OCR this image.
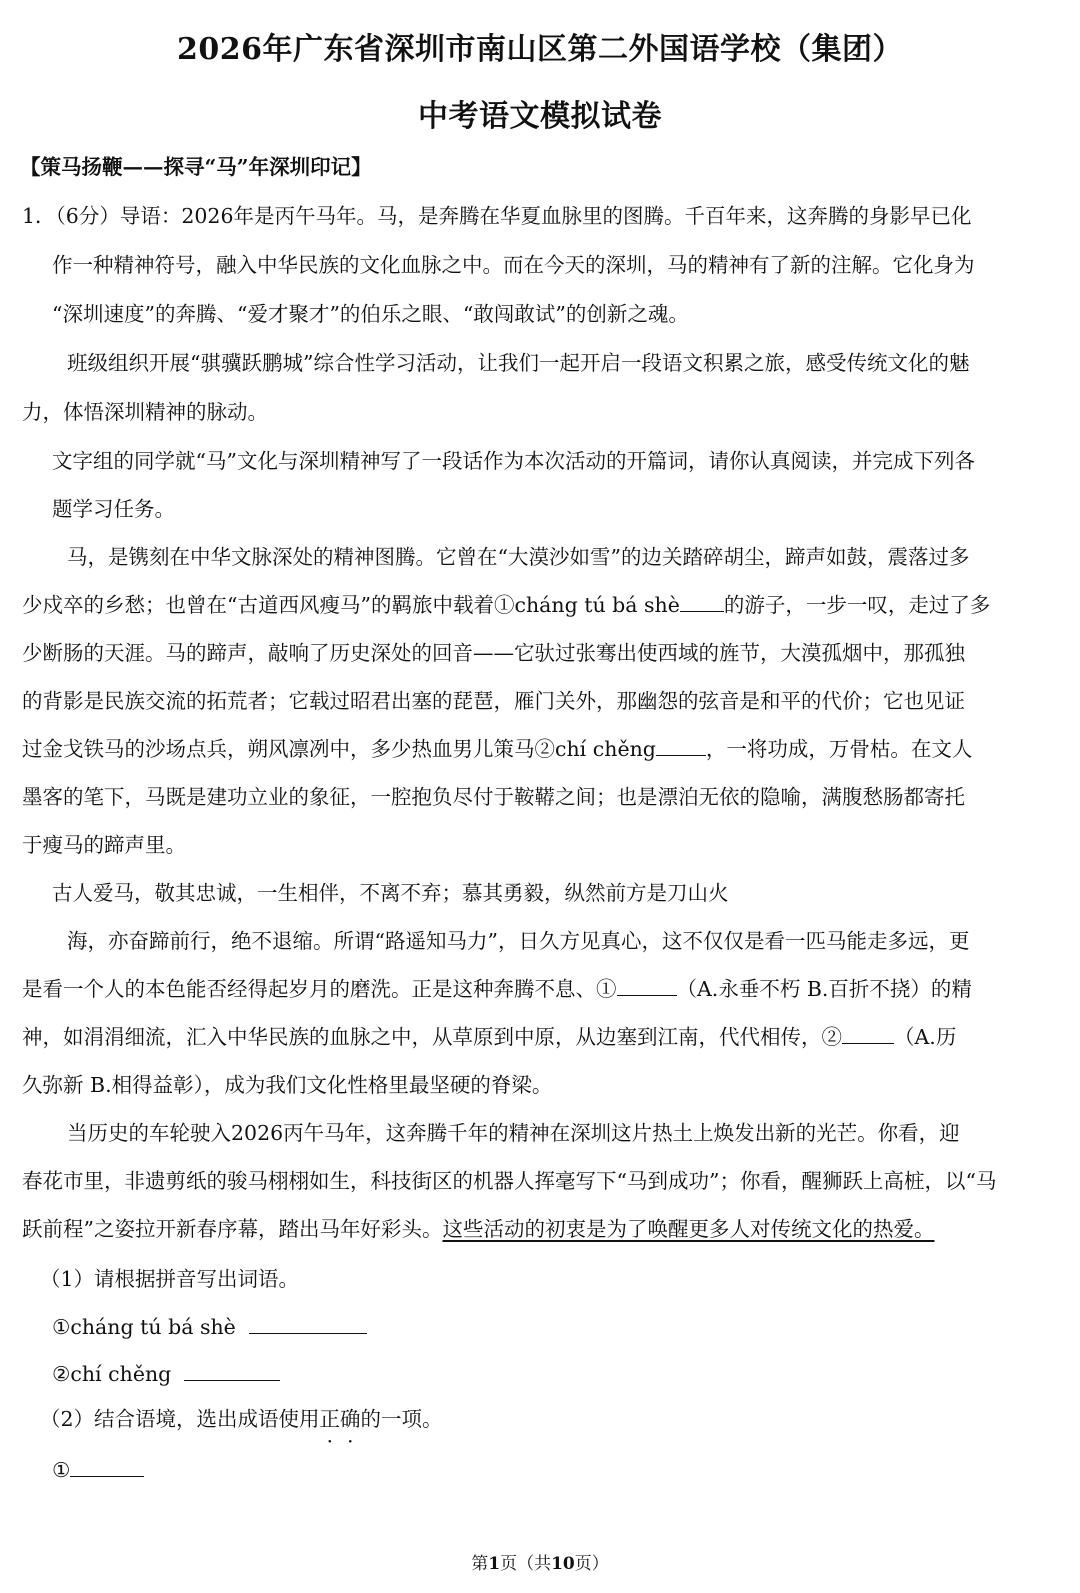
2026年广东省深圳市南山区第二外国语学校（集团）
中考语文模拟试卷
【策马扬鞭——探寻“马”年深圳印记】
1．（6分）导语：2026年是丙午马年。马，是奔腾在华夏血脉里的图腾。千百年来，这奔腾的身影早已化
作一种精神符号，融入中华民族的文化血脉之中。而在今天的深圳，马的精神有了新的注解。它化身为
“深圳速度”的奔腾、“爱才聚才”的伯乐之眼、“敢闯敢试”的创新之魂。
班级组织开展“骐骥跃鹏城”综合性学习活动，让我们一起开启一段语文积累之旅，感受传统文化的魅
力，体悟深圳精神的脉动。
文字组的同学就“马”文化与深圳精神写了一段话作为本次活动的开篇词，请你认真阅读，并完成下列各
题学习任务。
马，是镌刻在中华文脉深处的精神图腾。它曾在“大漠沙如雪”的边关踏碎胡尘，蹄声如鼓，震落过多
少戍卒的乡愁；也曾在“古道西风瘦马”的羁旅中载着①cháng tú bá shè 的游子，一步一叹，走过了多
少断肠的天涯。马的蹄声，敲响了历史深处的回音——它驮过张骞出使西域的旌节，大漠孤烟中，那孤独
的背影是民族交流的拓荒者；它载过昭君出塞的琵琶，雁门关外，那幽怨的弦音是和平的代价；它也见证
过金戈铁马的沙场点兵，朔风凛冽中，多少热血男儿策马②chí chěng ，一将功成，万骨枯。在文人
墨客的笔下，马既是建功立业的象征，一腔抱负尽付于鞍鞯之间；也是漂泊无依的隐喻，满腹愁肠都寄托
于瘦马的蹄声里。
古人爱马，敬其忠诚，一生相伴，不离不弃；慕其勇毅，纵然前方是刀山火
海，亦奋蹄前行，绝不退缩。所谓“路遥知马力”，日久方见真心，这不仅仅是看一匹马能走多远，更
是看一个人的本色能否经得起岁月的磨洗。正是这种奔腾不息、①	（A.永垂不朽 B.百折不挠）的精
神，如涓涓细流，汇入中华民族的血脉之中，从草原到中原，从边塞到江南，代代相传，②	（A.历
久弥新 B.相得益彰），成为我们文化性格里最坚硬的脊梁。
当历史的车轮驶入2026丙午马年，这奔腾千年的精神在深圳这片热土上焕发出新的光芒。你看，迎
春花市里，非遗剪纸的骏马栩栩如生，科技街区的机器人挥毫写下“马到成功”；你看，醒狮跃上高桩，以“马
跃前程”之姿拉开新春序幕，踏出马年好彩头。这些活动的初衷是为了唤醒更多人对传统文化的热爱。
（1）请根据拼音写出词语。
①cháng tú bá shè
②chí chěng
（2）结合语境，选出成语使用正确的一项。
①
第1页（共10页）
